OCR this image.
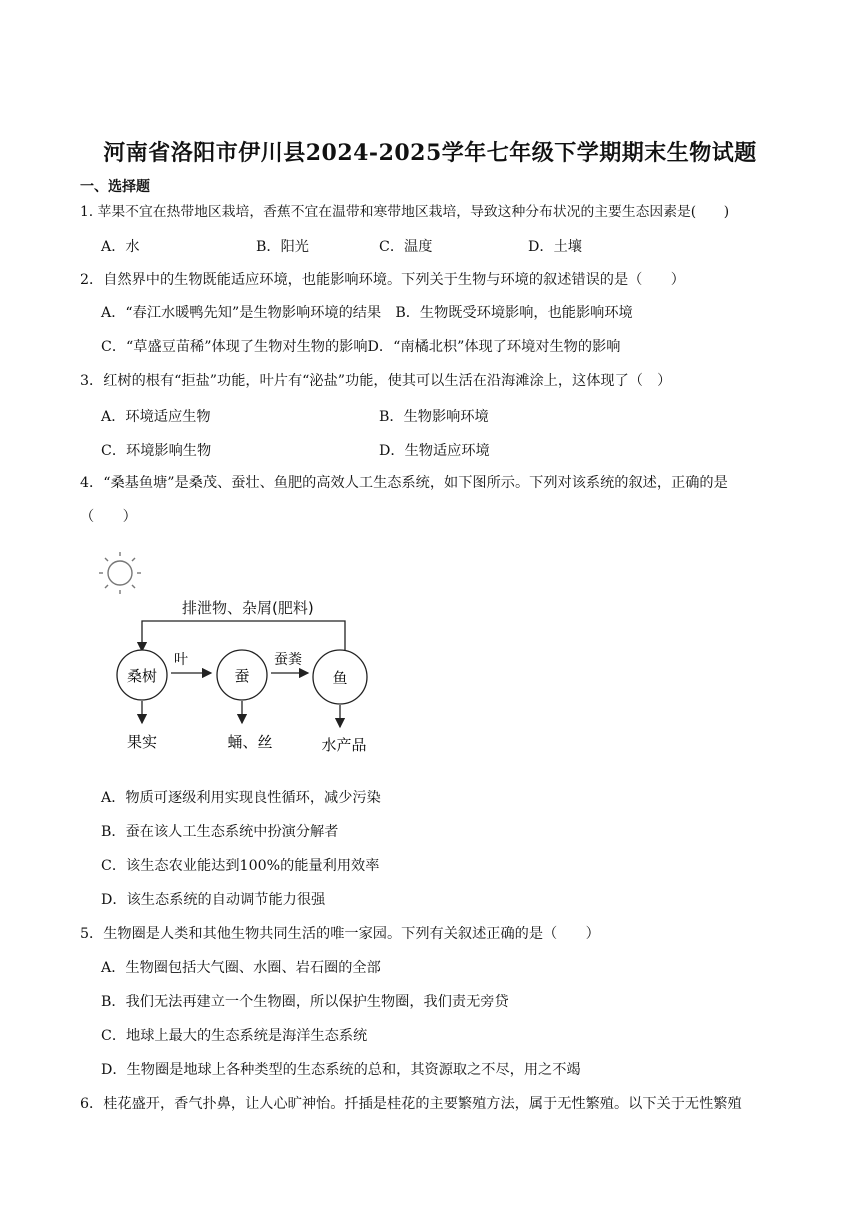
河南省洛阳市伊川县2024-2025学年七年级下学期期末生物试题
一、选择题
1. 苹果不宜在热带地区栽培，香蕉不宜在温带和寒带地区栽培，导致这种分布状况的主要生态因素是(　　)
A．水	B．阳光	C．温度	D．土壤
2．自然界中的生物既能适应环境，也能影响环境。下列关于生物与环境的叙述错误的是（　　）
A．“春江水暖鸭先知”是生物影响环境的结果　B．生物既受环境影响，也能影响环境
C．“草盛豆苗稀”体现了生物对生物的影响D．“南橘北枳”体现了环境对生物的影响
3．红树的根有“拒盐”功能，叶片有“泌盐”功能，使其可以生活在沿海滩涂上，这体现了（　）
A．环境适应生物	B．生物影响环境
C．环境影响生物	D．生物适应环境
4．“桑基鱼塘”是桑茂、蚕壮、鱼肥的高效人工生态系统，如下图所示。下列对该系统的叙述，正确的是
（　　）
排泄物、杂屑(肥料)
桑树	蚕	鱼
叶	蚕粪
果实	蛹、丝	水产品
A．物质可逐级利用实现良性循环，减少污染
B．蚕在该人工生态系统中扮演分解者
C．该生态农业能达到100%的能量利用效率
D．该生态系统的自动调节能力很强
5．生物圈是人类和其他生物共同生活的唯一家园。下列有关叙述正确的是（　　）
A．生物圈包括大气圈、水圈、岩石圈的全部
B．我们无法再建立一个生物圈，所以保护生物圈，我们责无旁贷
C．地球上最大的生态系统是海洋生态系统
D．生物圈是地球上各种类型的生态系统的总和，其资源取之不尽，用之不竭
6．桂花盛开，香气扑鼻，让人心旷神怡。扦插是桂花的主要繁殖方法，属于无性繁殖。以下关于无性繁殖
